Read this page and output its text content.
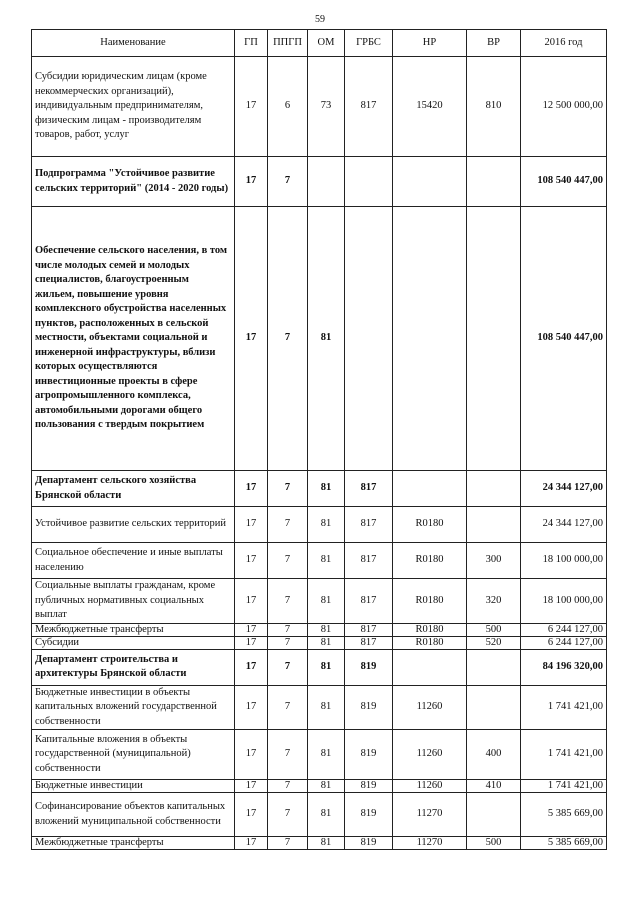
59
Наименование	ГП	ППГП	ОМ	ГРБС	НР	ВР	2016 год
Субсидии юридическим лицам (кроме некоммерческих организаций), индивидуальным предпринимателям, физическим лицам - производителям товаров, работ, услуг	17	6	73	817	15420	810	12 500 000,00
Подпрограмма "Устойчивое развитие сельских территорий" (2014 - 2020 годы)	17	7					108 540 447,00
Обеспечение сельского населения, в том числе молодых семей и молодых специалистов, благоустроенным жильем, повышение уровня комплексного обустройства населенных пунктов, расположенных в сельской местности, объектами социальной и инженерной инфраструктуры, вблизи которых осуществляются инвестиционные проекты в сфере агропромышленного комплекса, автомобильными дорогами общего пользования с твердым покрытием	17	7	81				108 540 447,00
Департамент сельского хозяйства Брянской области	17	7	81	817			24 344 127,00
Устойчивое развитие сельских территорий	17	7	81	817	R0180		24 344 127,00
Социальное обеспечение и иные выплаты населению	17	7	81	817	R0180	300	18 100 000,00
Социальные выплаты гражданам, кроме публичных нормативных социальных выплат	17	7	81	817	R0180	320	18 100 000,00
Межбюджетные трансферты	17	7	81	817	R0180	500	6 244 127,00
Субсидии	17	7	81	817	R0180	520	6 244 127,00
Департамент строительства и архитектуры Брянской области	17	7	81	819			84 196 320,00
Бюджетные инвестиции в объекты капитальных вложений государственной собственности	17	7	81	819	11260		1 741 421,00
Капитальные вложения в объекты государственной (муниципальной) собственности	17	7	81	819	11260	400	1 741 421,00
Бюджетные инвестиции	17	7	81	819	11260	410	1 741 421,00
Софинансирование объектов капитальных вложений муниципальной собственности	17	7	81	819	11270		5 385 669,00
Межбюджетные трансферты	17	7	81	819	11270	500	5 385 669,00
